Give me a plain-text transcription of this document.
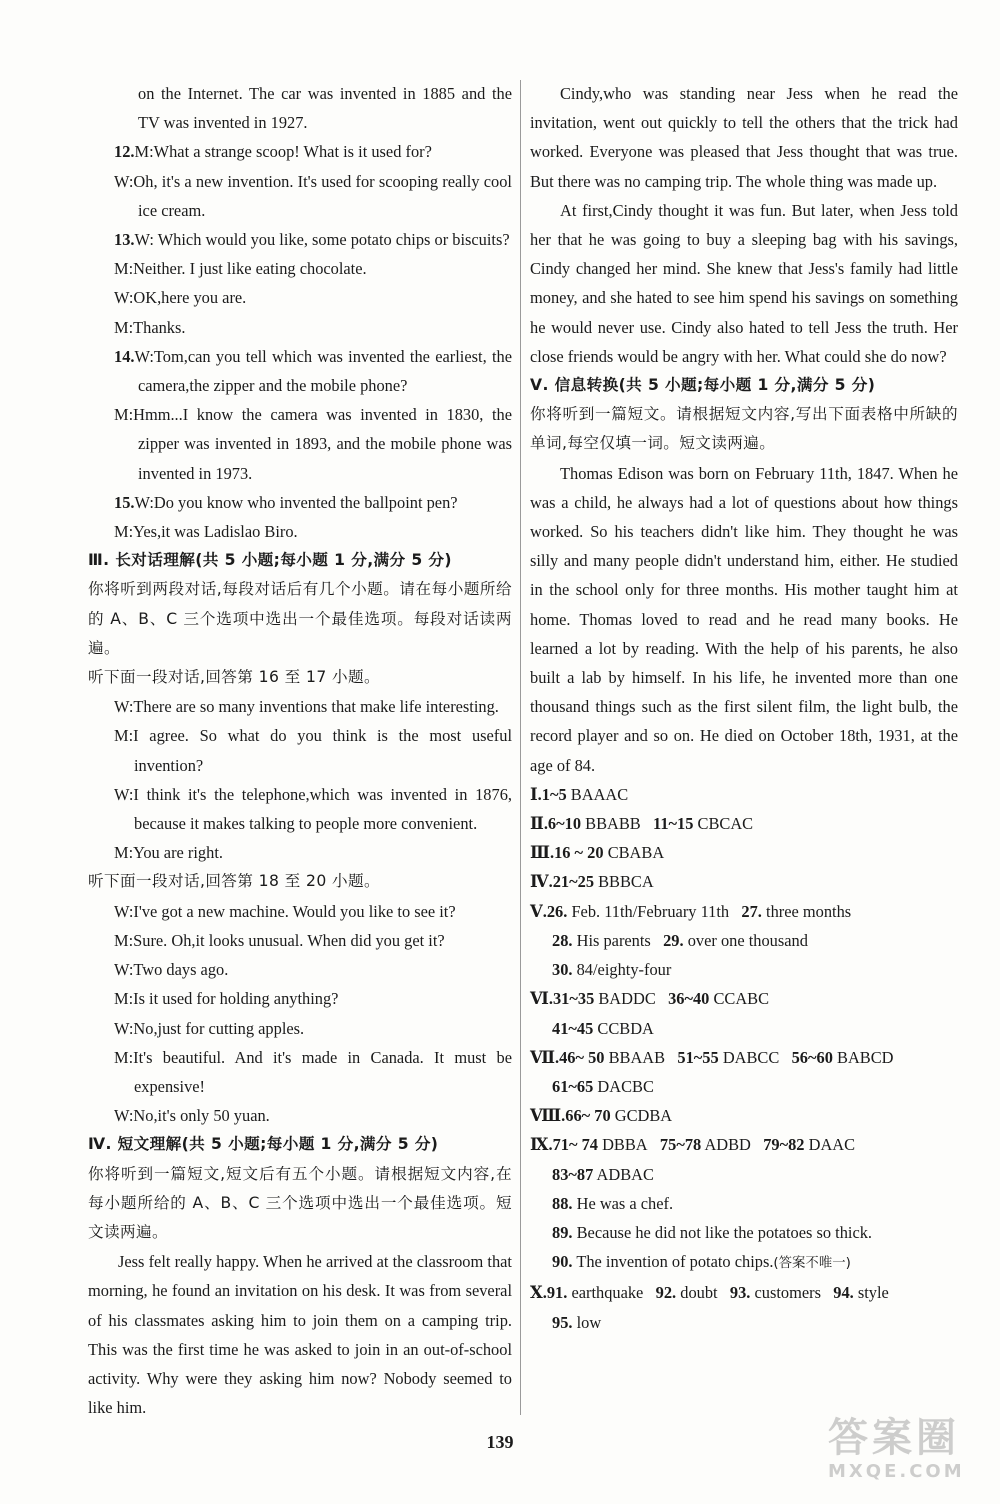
on the Internet. The car was invented in 1885 and the TV was invented in 1927.

12.M:What a strange scoop! What is it used for?

W:Oh, it's a new invention. It's used for scooping really cool ice cream.

13.W: Which would you like, some potato chips or biscuits?

M:Neither. I just like eating chocolate.

W:OK,here you are.

M:Thanks.

14.W:Tom,can you tell which was invented the earliest, the camera,the zipper and the mobile phone?

M:Hmm...I know the camera was invented in 1830, the zipper was invented in 1893, and the mobile phone was invented in 1973.

15.W:Do you know who invented the ballpoint pen?

M:Yes,it was Ladislao Biro.

Ⅲ. 长对话理解(共 5 小题;每小题 1 分,满分 5 分)

你将听到两段对话,每段对话后有几个小题。请在每小题所给的 A、B、C 三个选项中选出一个最佳选项。每段对话读两遍。

听下面一段对话,回答第 16 至 17 小题。

W:There are so many inventions that make life interesting.

M:I agree. So what do you think is the most useful invention?

W:I think it's the telephone,which was invented in 1876, because it makes talking to people more convenient.

M:You are right.

听下面一段对话,回答第 18 至 20 小题。

W:I've got a new machine. Would you like to see it?

M:Sure. Oh,it looks unusual. When did you get it?

W:Two days ago.

M:Is it used for holding anything?

W:No,just for cutting apples.

M:It's beautiful. And it's made in Canada. It must be expensive!

W:No,it's only 50 yuan.

Ⅳ. 短文理解(共 5 小题;每小题 1 分,满分 5 分)

你将听到一篇短文,短文后有五个小题。请根据短文内容,在每小题所给的 A、B、C 三个选项中选出一个最佳选项。短文读两遍。

Jess felt really happy. When he arrived at the classroom that morning, he found an invitation on his desk. It was from several of his classmates asking him to join them on a camping trip. This was the first time he was asked to join in an out-of-school activity. Why were they asking him now? Nobody seemed to like him.

Cindy,who was standing near Jess when he read the invitation, went out quickly to tell the others that the trick had worked. Everyone was pleased that Jess thought that was true. But there was no camping trip. The whole thing was made up.

At first,Cindy thought it was fun. But later, when Jess told her that he was going to buy a sleeping bag with his savings, Cindy changed her mind. She knew that Jess's family had little money, and she hated to see him spend his savings on something he would never use. Cindy also hated to tell Jess the truth. Her close friends would be angry with her. What could she do now?

Ⅴ. 信息转换(共 5 小题;每小题 1 分,满分 5 分)

你将听到一篇短文。请根据短文内容,写出下面表格中所缺的单词,每空仅填一词。短文读两遍。

Thomas Edison was born on February 11th, 1847. When he was a child, he always had a lot of questions about how things worked. So his teachers didn't like him. They thought he was silly and many people didn't understand him, either. He studied in the school only for three months. His mother taught him at home. Thomas loved to read and he read many books. He learned a lot by reading. With the help of his parents, he also built a lab by himself. In his life, he invented more than one thousand things such as the first silent film, the light bulb, the record player and so on. He died on October 18th, 1931, at the age of 84.

Ⅰ.1~5 BAAAC

Ⅱ.6~10 BBABB 11~15 CBCAC

Ⅲ.16 ~ 20 CBABA

Ⅳ.21~25 BBBCA

Ⅴ.26. Feb. 11th/February 11th 27. three months

28. His parents 29. over one thousand

30. 84/eighty-four

Ⅵ.31~35 BADDC 36~40 CCABC

41~45 CCBDA

Ⅶ.46~ 50 BBAAB 51~55 DABCC 56~60 BABCD

61~65 DACBC

Ⅷ.66~ 70 GCDBA

Ⅸ.71~ 74 DBBA 75~78 ADBD 79~82 DAAC

83~87 ADBAC

88. He was a chef.

89. Because he did not like the potatoes so thick.

90. The invention of potato chips.(答案不唯一)

Ⅹ.91. earthquake 92. doubt 93. customers 94. style

95. low

139	答案圈
MXQE.COM
